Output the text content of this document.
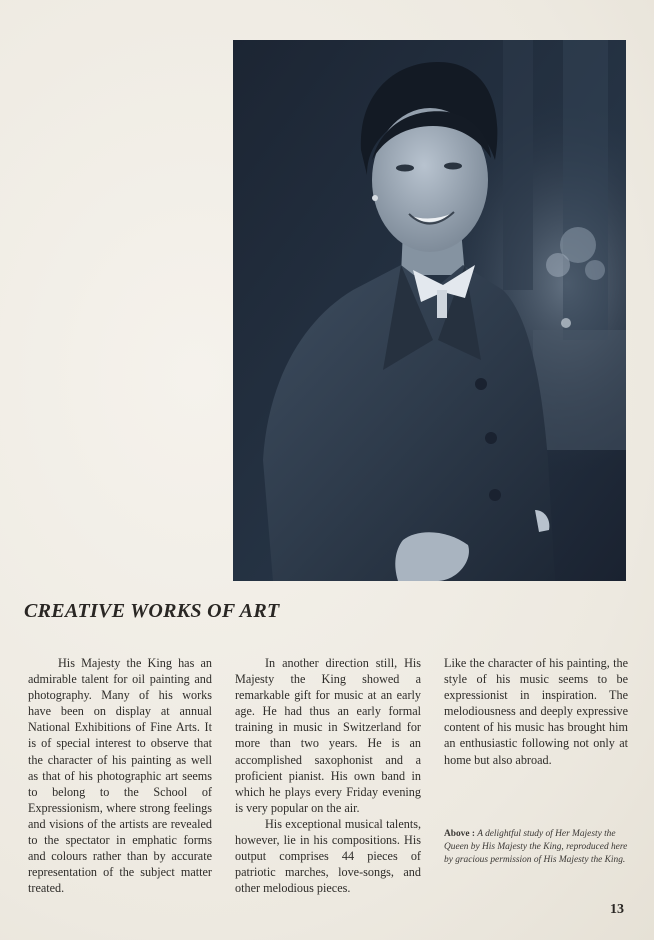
CREATIVE WORKS OF ART

His Majesty the King has an admirable talent for oil painting and photography. Many of his works have been on display at annual National Exhibitions of Fine Arts. It is of special interest to observe that the character of his painting as well as that of his photographic art seems to belong to the School of Expressionism, where strong feelings and visions of the artists are revealed to the spectator in emphatic forms and colours rather than by accurate representation of the subject matter treated.

In another direction still, His Majesty the King showed a remarkable gift for music at an early age. He had thus an early formal training in music in Switzerland for more than two years. He is an accomplished saxophonist and a proficient pianist. His own band in which he plays every Friday evening is very popular on the air.

His exceptional musical talents, however, lie in his compositions. His output comprises 44 pieces of patriotic marches, love-songs, and other melodious pieces.

Like the character of his painting, the style of his music seems to be expressionist in inspiration. The melodiousness and deeply expressive content of his music has brought him an enthusiastic following not only at home but also abroad.

Above : A delightful study of Her Majesty the Queen by His Majesty the King, reproduced here by gracious permission of His Majesty the King.
13
